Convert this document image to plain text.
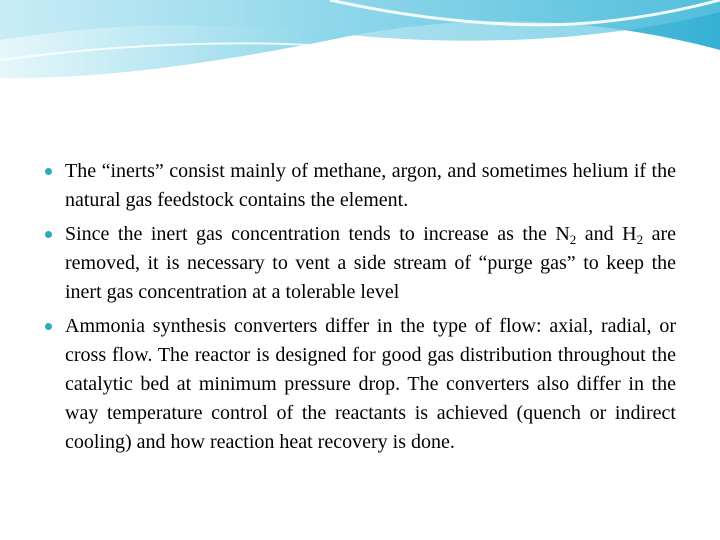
The “inerts” consist mainly of methane, argon, and sometimes helium if the natural gas feedstock contains the element.
Since the inert gas concentration tends to increase as the $N_2$ and $H_2$ are removed, it is necessary to vent a side stream of “purge gas” to keep the inert gas concentration at a tolerable level
Ammonia synthesis converters differ in the type of flow: axial, radial, or cross flow. The reactor is designed for good gas distribution throughout the catalytic bed at minimum pressure drop. The converters also differ in the way temperature control of the reactants is achieved (quench or indirect cooling) and how reaction heat recovery is done.
